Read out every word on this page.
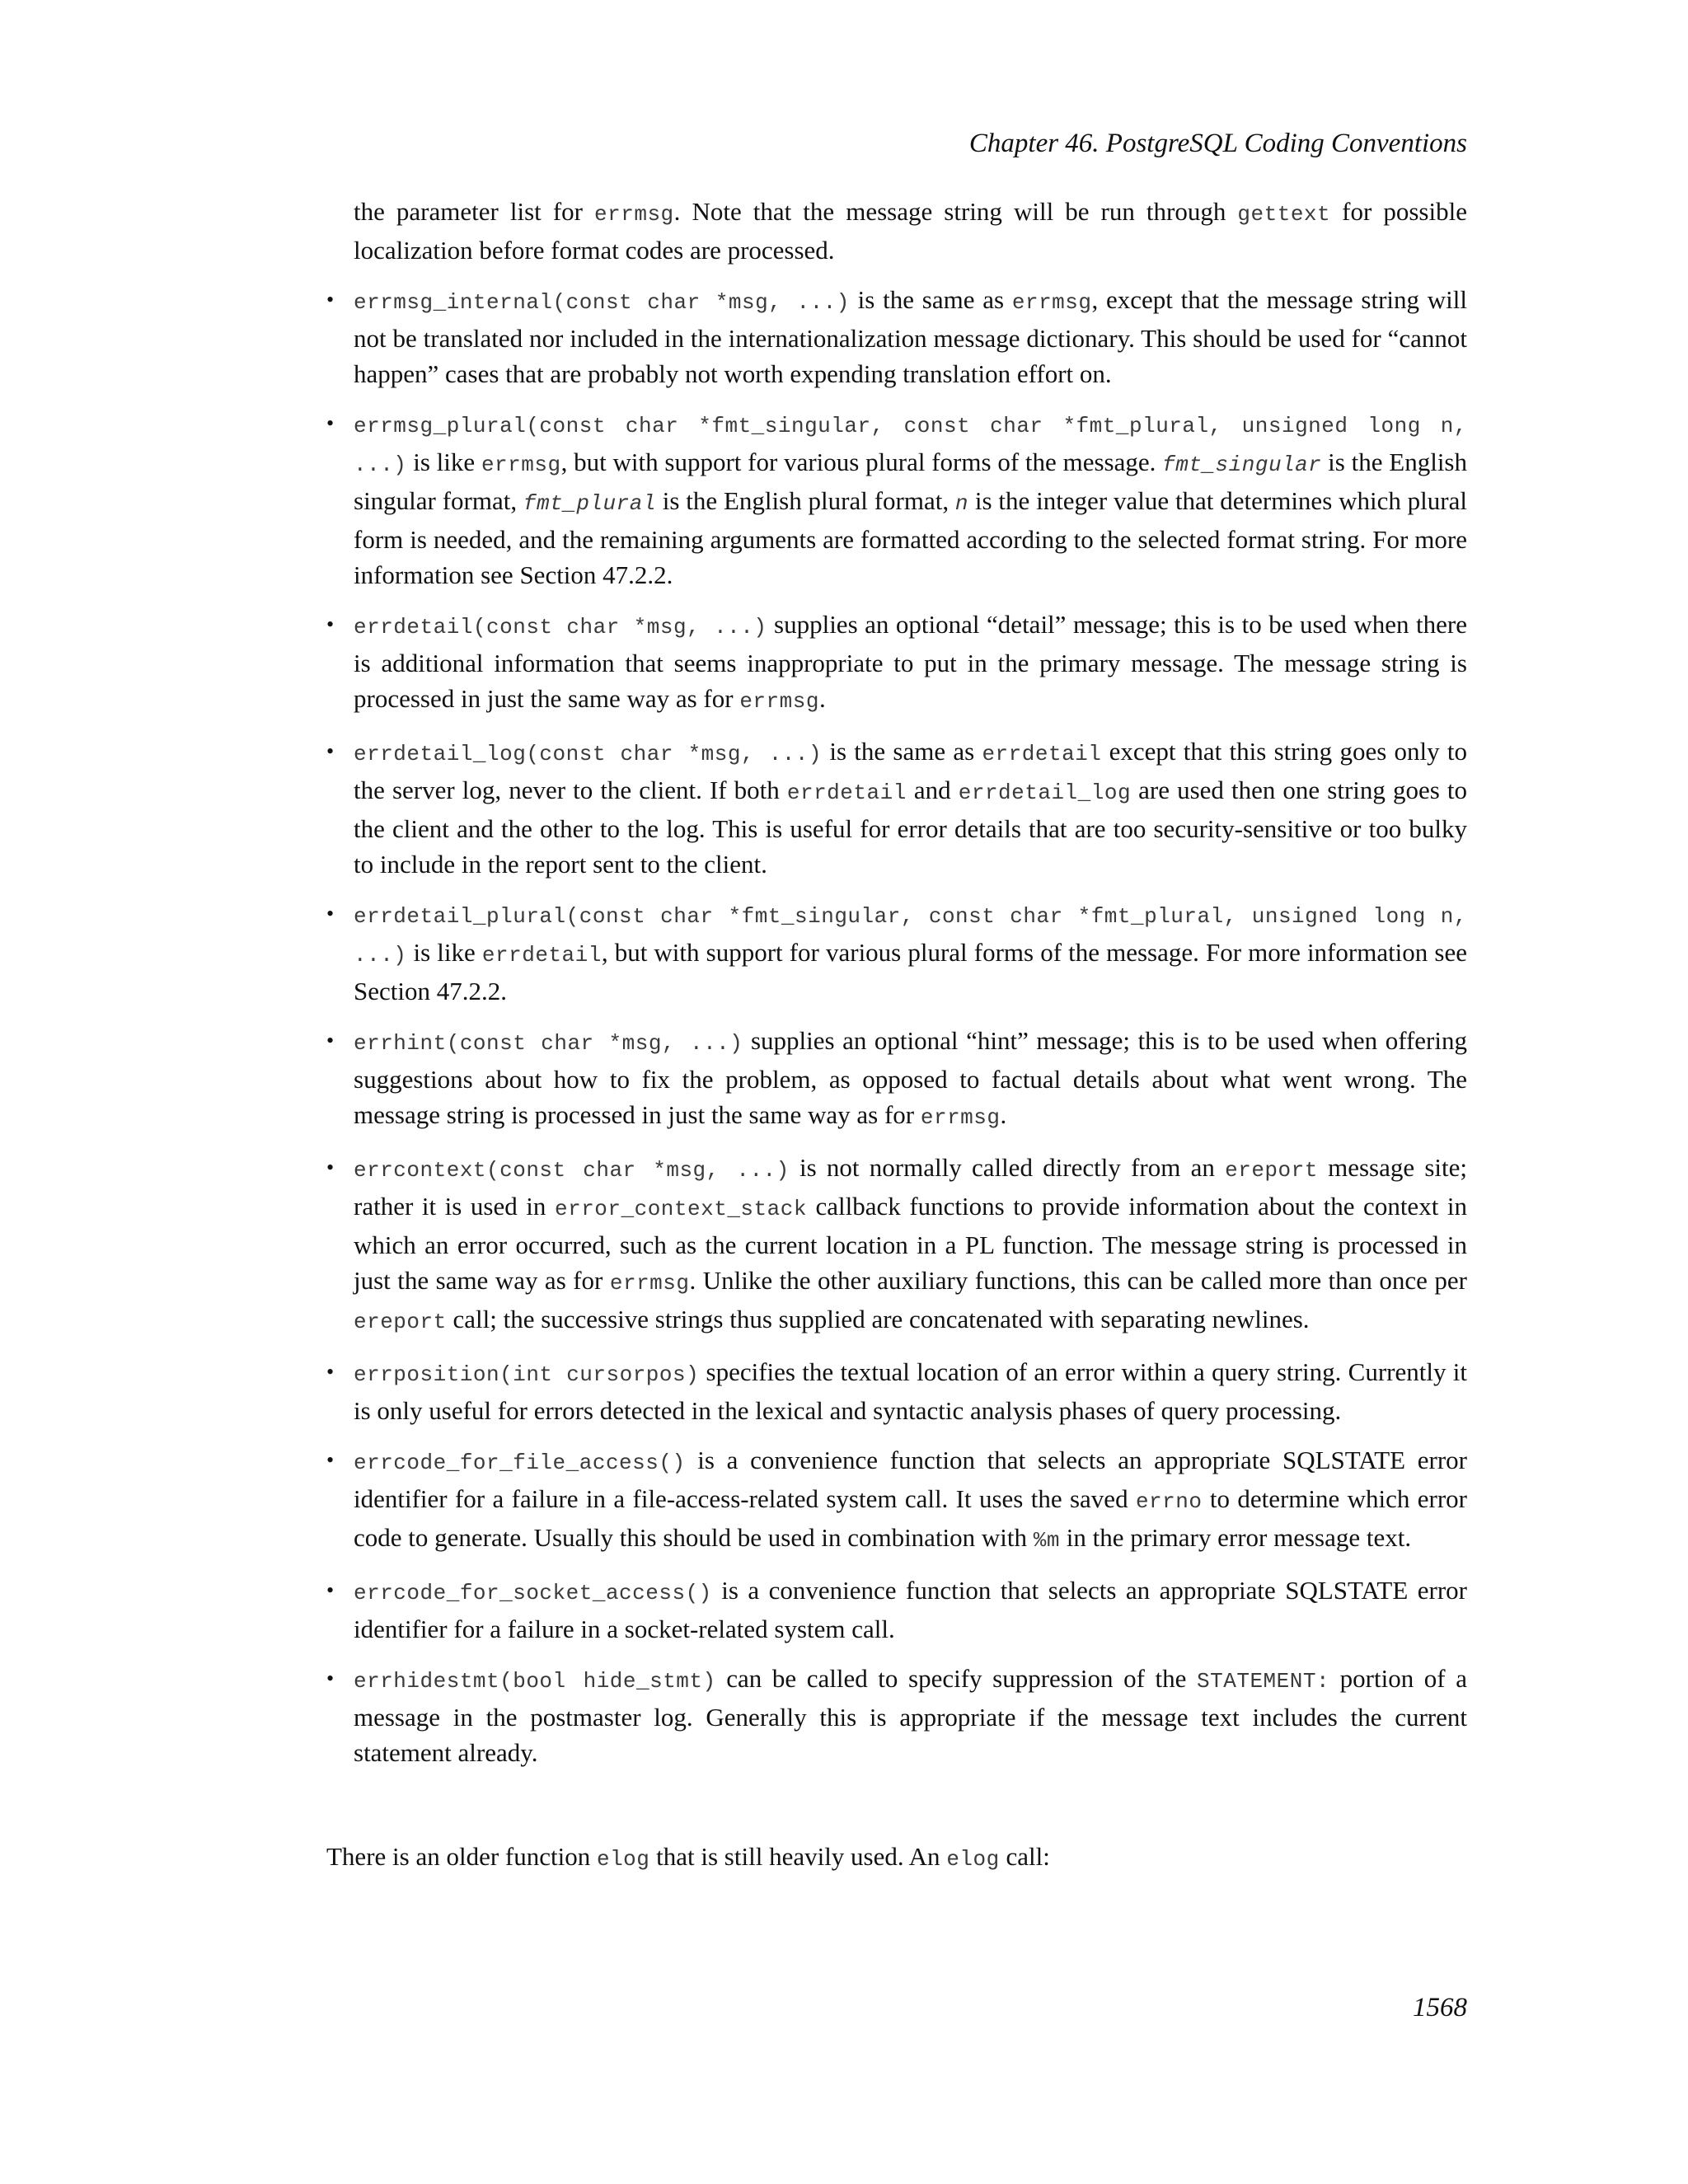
Chapter 46. PostgreSQL Coding Conventions

the parameter list for errmsg. Note that the message string will be run through gettext for possible localization before format codes are processed.

• errmsg_internal(const char *msg, ...) is the same as errmsg, except that the message string will not be translated nor included in the internationalization message dictionary. This should be used for “cannot happen” cases that are probably not worth expending translation effort on.
• errmsg_plural(const char *fmt_singular, const char *fmt_plural, unsigned long n, ...) is like errmsg, but with support for various plural forms of the message. fmt_singular is the English singular format, fmt_plural is the English plural format, n is the integer value that determines which plural form is needed, and the remaining arguments are formatted according to the selected format string. For more information see Section 47.2.2.
• errdetail(const char *msg, ...) supplies an optional “detail” message; this is to be used when there is additional information that seems inappropriate to put in the primary message. The message string is processed in just the same way as for errmsg.
• errdetail_log(const char *msg, ...) is the same as errdetail except that this string goes only to the server log, never to the client. If both errdetail and errdetail_log are used then one string goes to the client and the other to the log. This is useful for error details that are too security-sensitive or too bulky to include in the report sent to the client.
• errdetail_plural(const char *fmt_singular, const char *fmt_plural, unsigned long n, ...) is like errdetail, but with support for various plural forms of the message. For more information see Section 47.2.2.
• errhint(const char *msg, ...) supplies an optional “hint” message; this is to be used when offering suggestions about how to fix the problem, as opposed to factual details about what went wrong. The message string is processed in just the same way as for errmsg.
• errcontext(const char *msg, ...) is not normally called directly from an ereport message site; rather it is used in error_context_stack callback functions to provide information about the context in which an error occurred, such as the current location in a PL function. The message string is processed in just the same way as for errmsg. Unlike the other auxiliary functions, this can be called more than once per ereport call; the successive strings thus supplied are concatenated with separating newlines.
• errposition(int cursorpos) specifies the textual location of an error within a query string. Currently it is only useful for errors detected in the lexical and syntactic analysis phases of query processing.
• errcode_for_file_access() is a convenience function that selects an appropriate SQLSTATE error identifier for a failure in a file-access-related system call. It uses the saved errno to determine which error code to generate. Usually this should be used in combination with %m in the primary error message text.
• errcode_for_socket_access() is a convenience function that selects an appropriate SQLSTATE error identifier for a failure in a socket-related system call.
• errhidestmt(bool hide_stmt) can be called to specify suppression of the STATEMENT: portion of a message in the postmaster log. Generally this is appropriate if the message text includes the current statement already.

There is an older function elog that is still heavily used. An elog call:

1568
